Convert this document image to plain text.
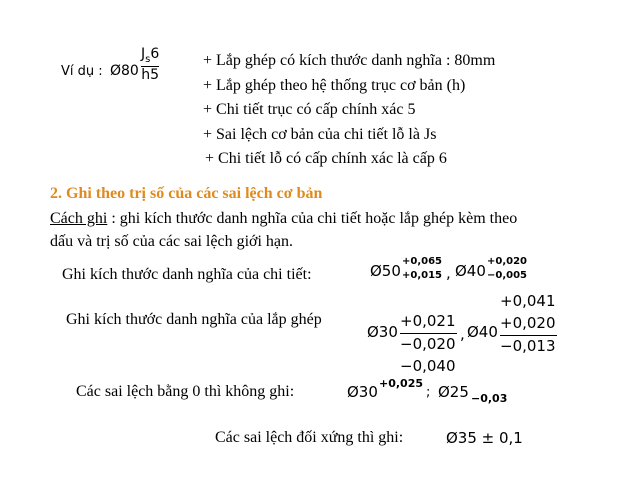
Ví dụ : Ø80
$J_s6$
h5
+ Lắp ghép có kích thước danh nghĩa : 80mm
+ Lắp ghép theo hệ thống trục cơ bản (h)
+ Chi tiết trục có cấp chính xác 5
+ Sai lệch cơ bản của chi tiết lỗ là Js
+ Chi tiết lỗ có cấp chính xác là cấp 6
2. Ghi theo trị số của các sai lệch cơ bản
Cách ghi : ghi kích thước danh nghĩa của chi tiết hoặc lắp ghép kèm theo
dấu và trị số của các sai lệch giới hạn.
Ghi kích thước danh nghĩa của chi tiết:	Ø50
+0,065
+0,015 , Ø40
+0,020
−0,005
Ghi kích thước danh nghĩa của lắp ghép
Ø30
+0,021
−0,020
−0,040
, Ø40
+0,041
+0,020
−0,013
Các sai lệch bằng 0 thì không ghi:	Ø30 +0,025
; Ø25 −0,03
Các sai lệch đối xứng thì ghi:	Ø35 ± 0,1
